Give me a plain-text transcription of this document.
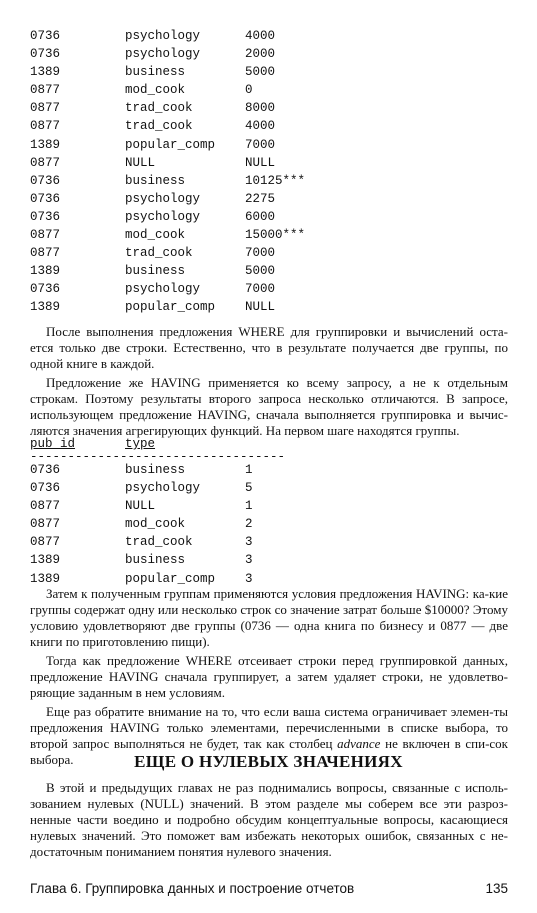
0736	psychology	4000
0736	psychology	2000
1389	business	5000
0877	mod_cook	0
0877	trad_cook	8000
0877	trad_cook	4000
1389	popular_comp	7000
0877	NULL	NULL
0736	business	10125***
0736	psychology	2275
0736	psychology	6000
0877	mod_cook	15000***
0877	trad_cook	7000
1389	business	5000
0736	psychology	7000
1389	popular_comp	NULL

После выполнения предложения WHERE для группировки и вычислений оста-ется только две строки. Естественно, что в результате получается две группы, по одной книге в каждой.

Предложение же HAVING применяется ко всему запросу, а не к отдельным строкам. Поэтому результаты второго запроса несколько отличаются. В запросе, использующем предложение HAVING, сначала выполняется группировка и вычис-ляются значения агрегирующих функций. На первом шаге находятся группы.

pub_id	type
----------------------------------
0736	business	1
0736	psychology	5
0877	NULL	1
0877	mod_cook	2
0877	trad_cook	3
1389	business	3
1389	popular_comp	3

Затем к полученным группам применяются условия предложения HAVING: ка-кие группы содержат одну или несколько строк со значение затрат больше $10000? Этому условию удовлетворяют две группы (0736 — одна книга по бизнесу и 0877 — две книги по приготовлению пищи).

Тогда как предложение WHERE отсеивает строки перед группировкой данных, предложение HAVING сначала группирует, а затем удаляет строки, не удовлетво-ряющие заданным в нем условиям.

Еще раз обратите внимание на то, что если ваша система ограничивает элемен-ты предложения HAVING только элементами, перечисленными в списке выбора, то второй запрос выполняться не будет, так как столбец advance не включен в спи-сок выбора.	ЕЩЕ О НУЛЕВЫХ ЗНАЧЕНИЯХ

В этой и предыдущих главах не раз поднимались вопросы, связанные с исполь-зованием нулевых (NULL) значений. В этом разделе мы соберем все эти разроз-ненные части воедино и подробно обсудим концептуальные вопросы, касающиеся нулевых значений. Это поможет вам избежать некоторых ошибок, связанных с не-достаточным пониманием понятия нулевого значения.

Глава 6. Группировка данных и построение отчетов	135
